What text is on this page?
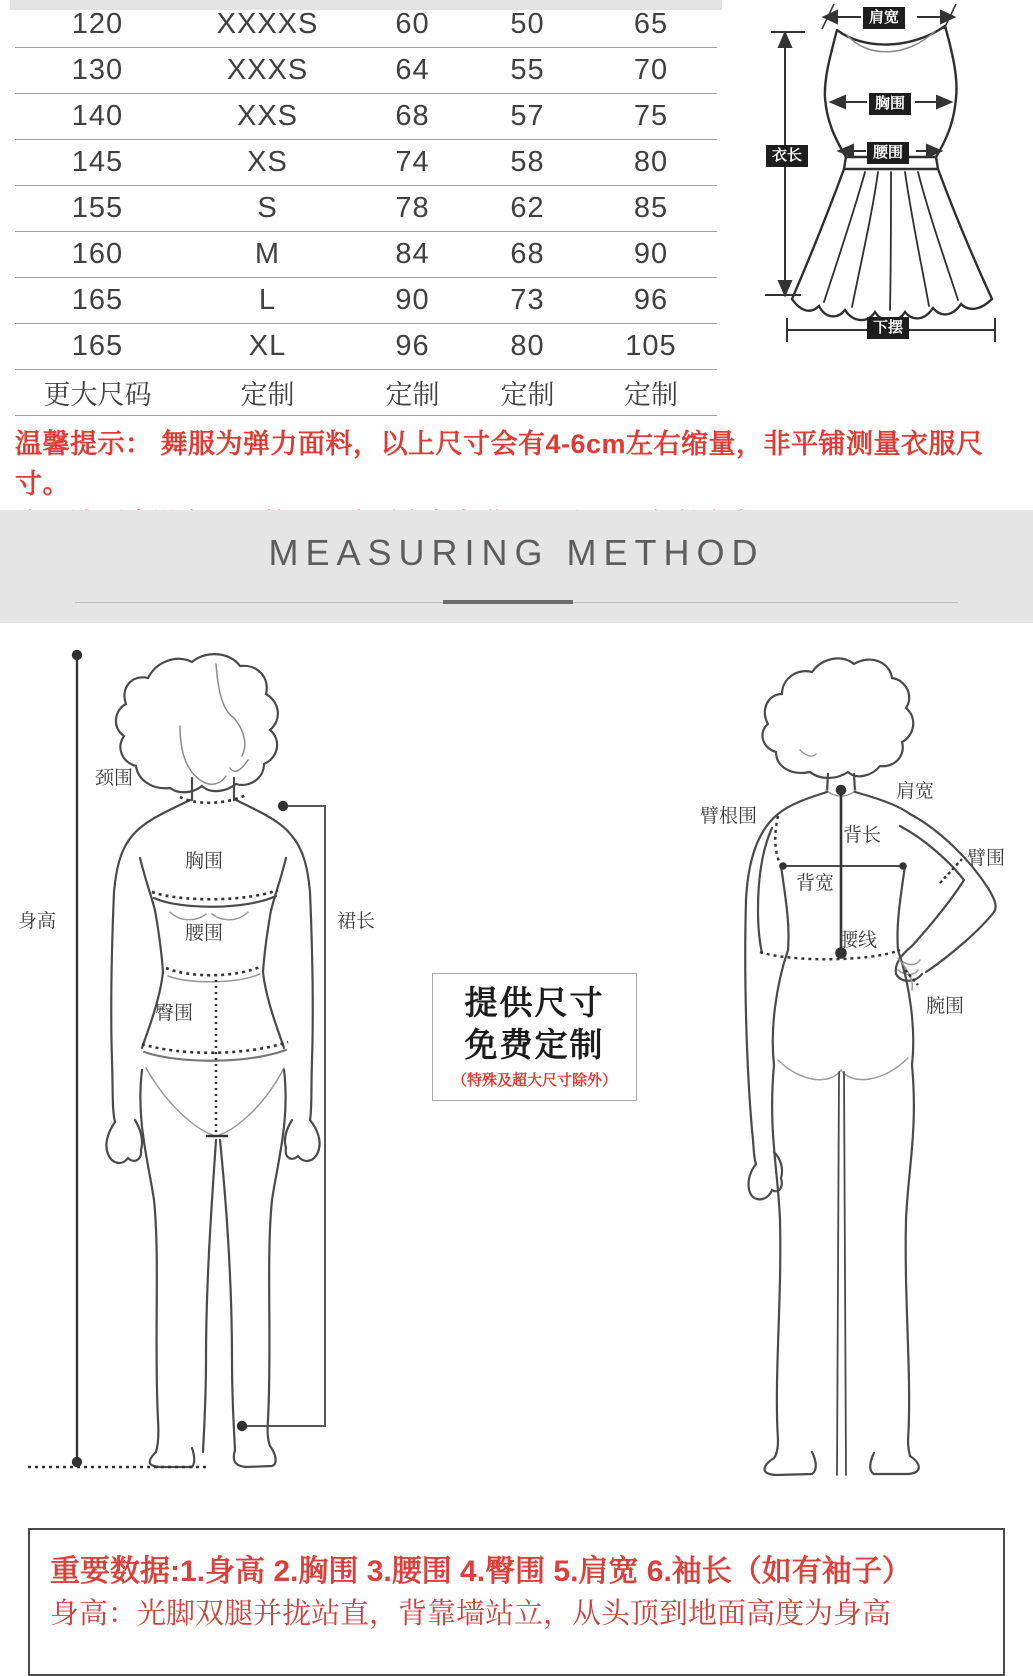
120	XXXXS	60	50	65
130	XXXS	64	55	70
140	XXS	68	57	75
145	XS	74	58	80
155	S	78	62	85
160	M	84	68	90
165	L	90	73	96
165	XL	96	80	105
更大尺码	定制	定制	定制	定制
肩宽
胸围
腰围
衣长
下摆
温馨提示： 舞服为弹力面料，以上尺寸会有4-6cm左右缩量，非平铺测量衣服尺寸。
MEASURING METHOD
颈围
胸围
腰围
臀围
身高	裙长
提供尺寸
免费定制
（特殊及超大尺寸除外）
臂根围
肩宽
背长
臂围
背宽
腰线
腕围
重要数据:1.身高 2.胸围 3.腰围 4.臀围 5.肩宽 6.袖长（如有袖子）
身高：光脚双腿并拢站直，背靠墙站立，从头顶到地面高度为身高
